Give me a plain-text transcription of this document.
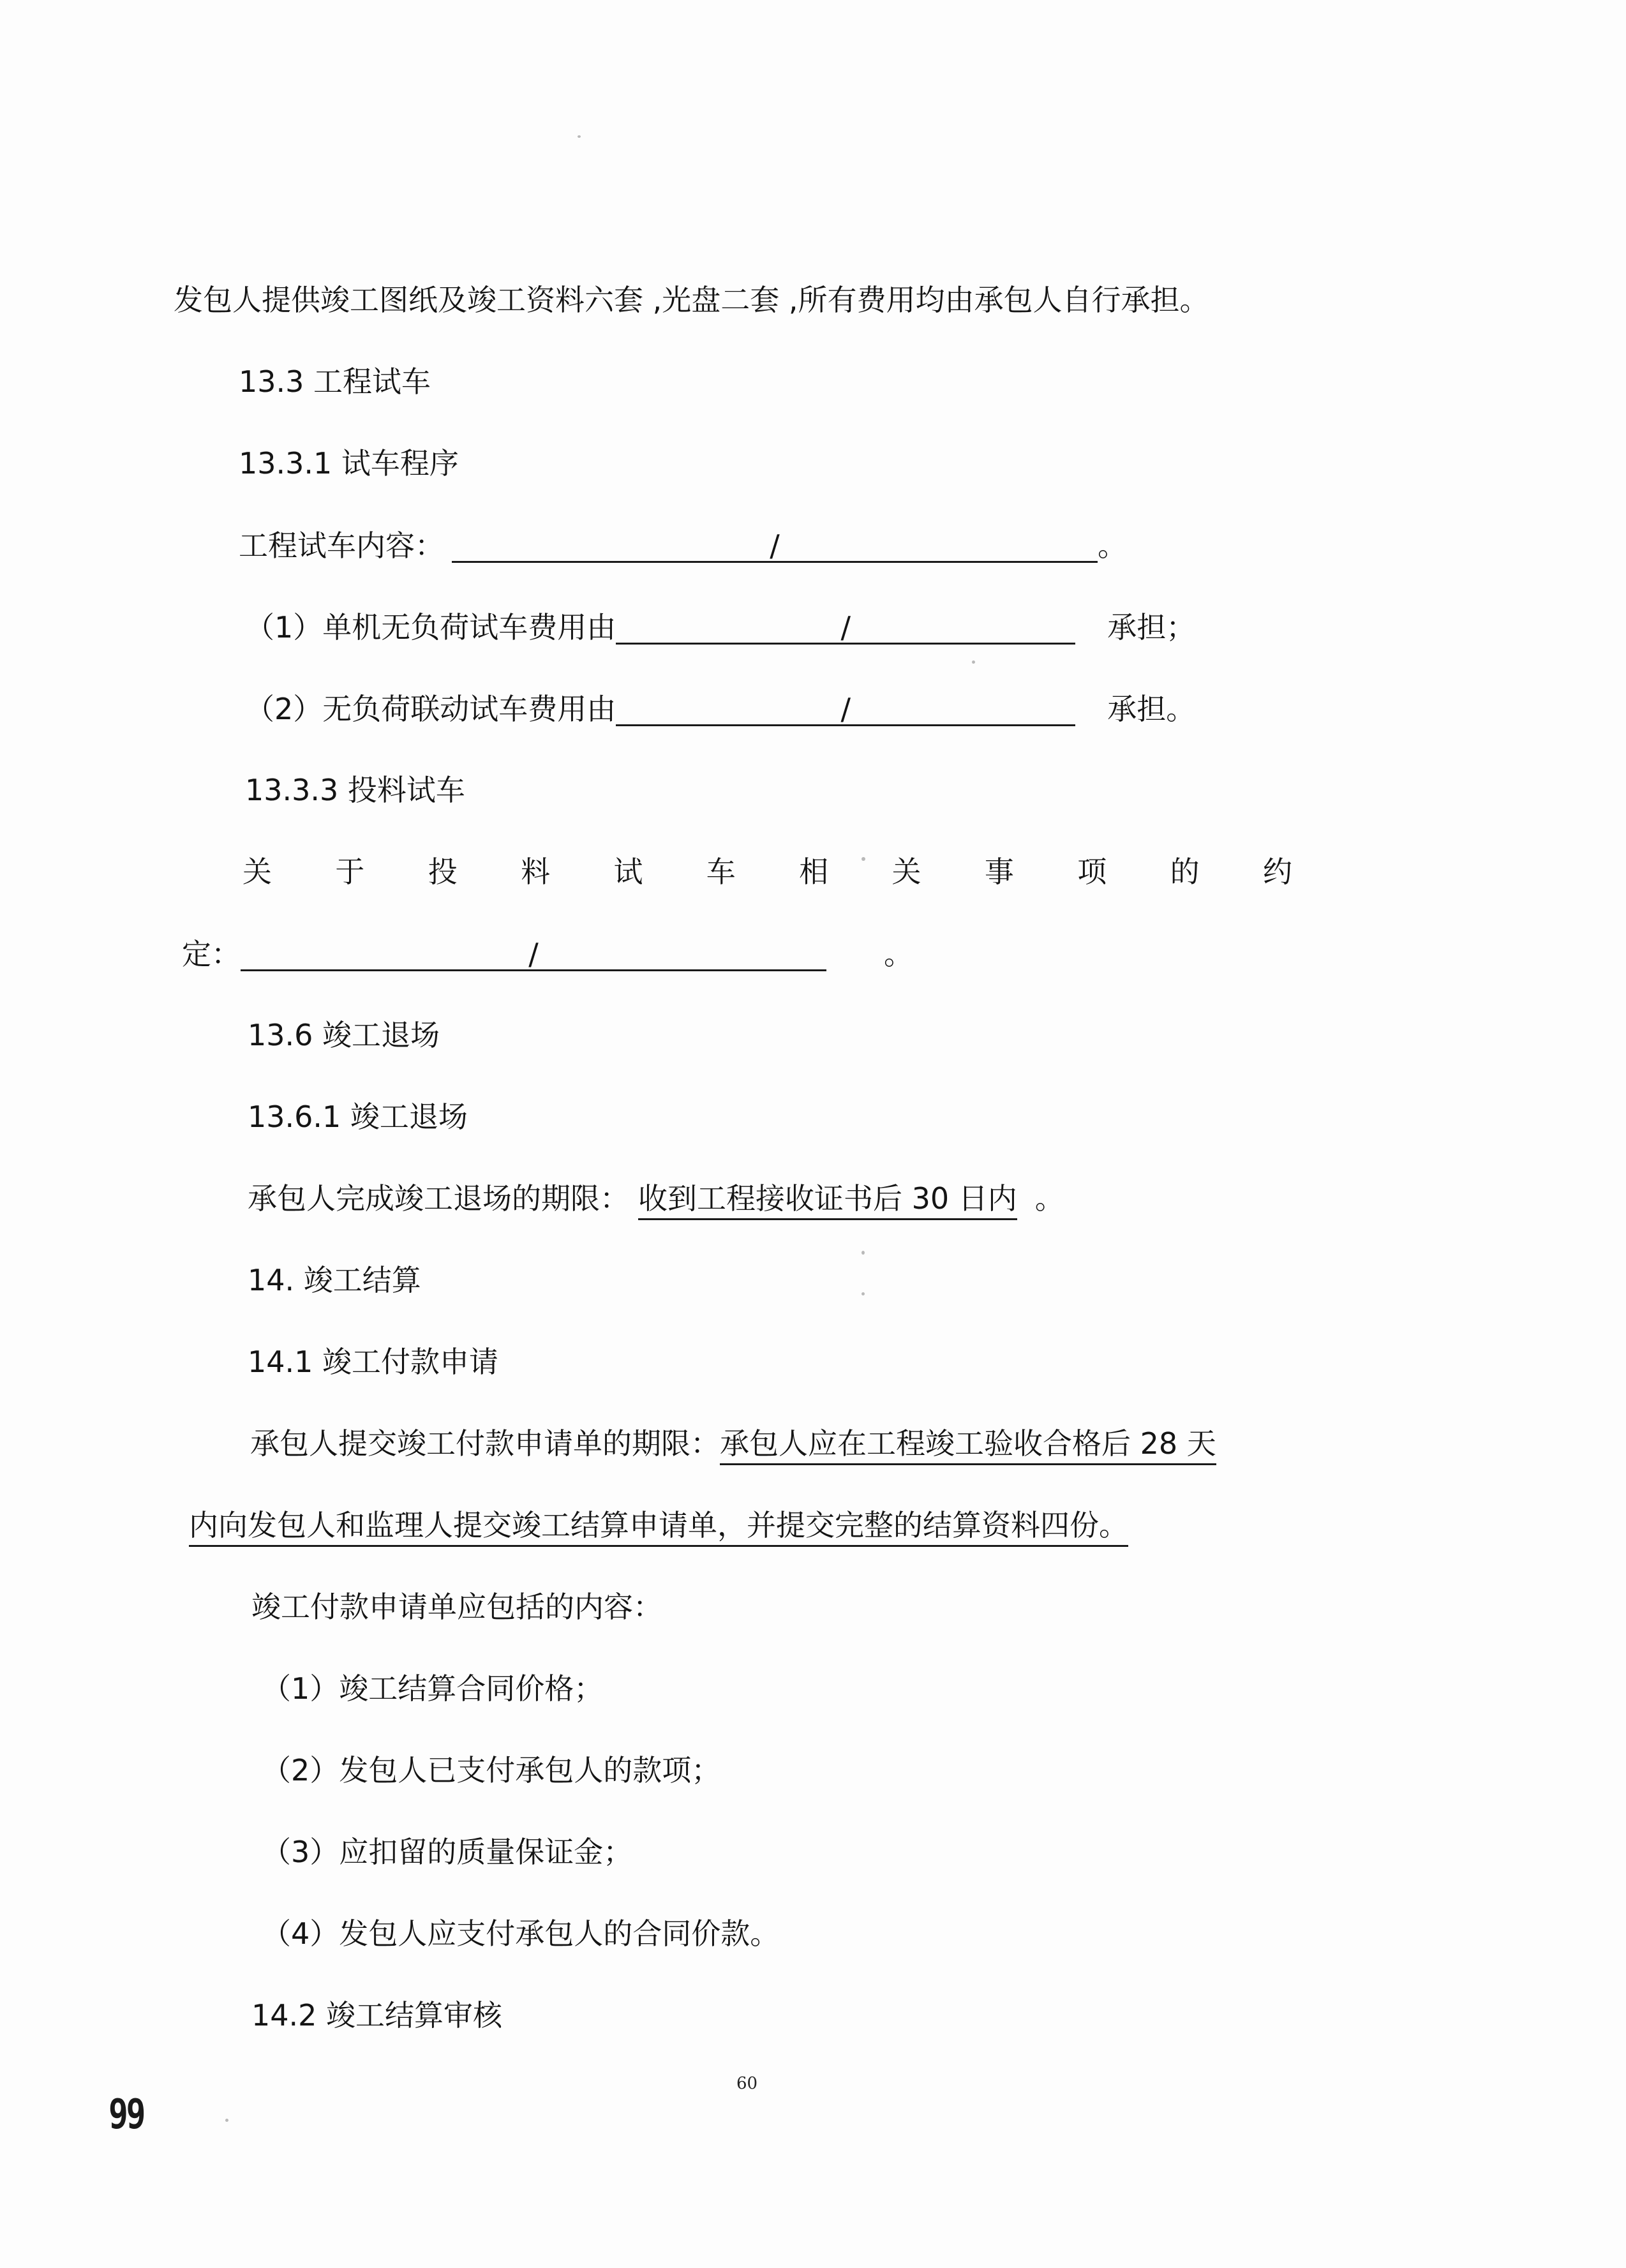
发包人提供竣工图纸及竣工资料六套 ,光盘二套 ,所有费用均由承包人自行承担。
13.3 工程试车
13.3.1 试车程序
工程试车内容：	/	。
（1）单机无负荷试车费用由	/	承担；
（2）无负荷联动试车费用由	/	承担。
13.3.3 投料试车
关 于 投 料 试 车 相 关 事 项 的 约
定：	/	。
13.6 竣工退场
13.6.1 竣工退场
承包人完成竣工退场的期限： 收到工程接收证书后 30 日内 。
14. 竣工结算
14.1 竣工付款申请
承包人提交竣工付款申请单的期限：承包人应在工程竣工验收合格后 28 天
内向发包人和监理人提交竣工结算申请单，并提交完整的结算资料四份。
竣工付款申请单应包括的内容：
（1）竣工结算合同价格；
（2）发包人已支付承包人的款项；
（3）应扣留的质量保证金；
（4）发包人应支付承包人的合同价款。
14.2 竣工结算审核
60
99
